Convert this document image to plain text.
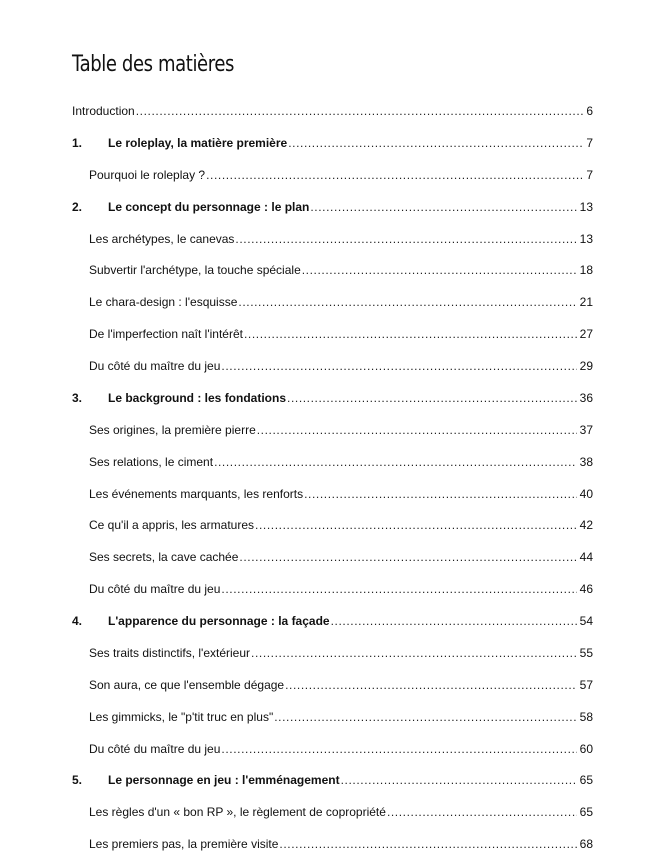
Table des matières
Introduction .....	6
1.	Le roleplay, la matière première .....	7
Pourquoi le roleplay ? .....	7
2.	Le concept du personnage : le plan .....	13
Les archétypes, le canevas .....	13
Subvertir l'archétype, la touche spéciale .....	18
Le chara-design : l'esquisse .....	21
De l'imperfection naît l'intérêt .....	27
Du côté du maître du jeu .....	29
3.	Le background : les fondations .....	36
Ses origines, la première pierre .....	37
Ses relations, le ciment .....	38
Les événements marquants, les renforts .....	40
Ce qu'il a appris, les armatures .....	42
Ses secrets, la cave cachée .....	44
Du côté du maître du jeu .....	46
4.	L'apparence du personnage : la façade .....	54
Ses traits distinctifs, l'extérieur .....	55
Son aura, ce que l'ensemble dégage .....	57
Les gimmicks, le "p'tit truc en plus" .....	58
Du côté du maître du jeu .....	60
5.	Le personnage en jeu : l'emménagement .....	65
Les règles d'un « bon RP », le règlement de copropriété .....	65
Les premiers pas, la première visite .....	68
